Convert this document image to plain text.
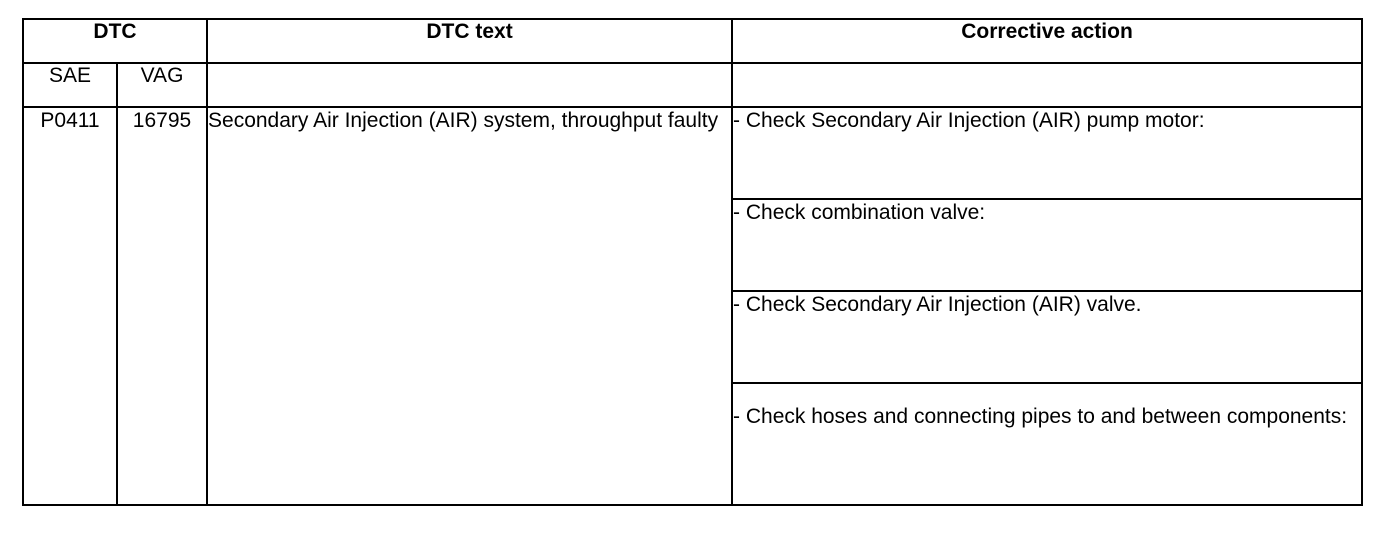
DTC		DTC text	Corrective action
SAE	VAG		
P0411	16795	Secondary Air Injection (AIR) system, throughput faulty	- Check Secondary Air Injection (AIR) pump motor:
			- Check combination valve:
			- Check Secondary Air Injection (AIR) valve.
			- Check hoses and connecting pipes to and between components:
